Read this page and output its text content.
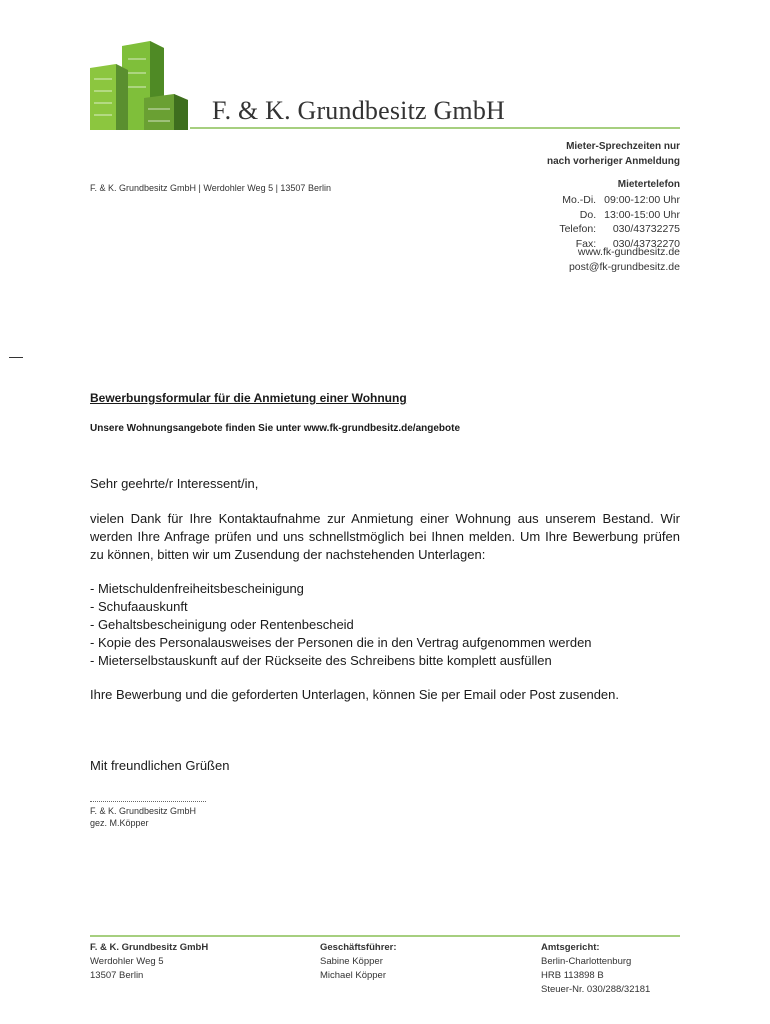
F. & K. Grundbesitz GmbH
Mieter-Sprechzeiten nur
nach vorheriger Anmeldung
F. & K. Grundbesitz GmbH | Werdohler Weg 5 | 13507 Berlin	Mietertelefon
Mo.-Di.	09:00-12:00 Uhr
Do.	13:00-15:00 Uhr
Telefon:	030/43732275
Fax:	030/43732270
www.fk-gundbesitz.de
post@fk-grundbesitz.de
Bewerbungsformular für die Anmietung einer Wohnung
Unsere Wohnungsangebote finden Sie unter www.fk-grundbesitz.de/angebote
Sehr geehrte/r Interessent/in,
vielen Dank für Ihre Kontaktaufnahme zur Anmietung einer Wohnung aus unserem Bestand. Wir werden Ihre Anfrage prüfen und uns schnellstmöglich bei Ihnen melden. Um Ihre Bewerbung prüfen zu können, bitten wir um Zusendung der nachstehenden Unterlagen:
- Mietschuldenfreiheitsbescheinigung
- Schufaauskunft
- Gehaltsbescheinigung oder Rentenbescheid
- Kopie des Personalausweises der Personen die in den Vertrag aufgenommen werden
- Mieterselbstauskunft auf der Rückseite des Schreibens bitte komplett ausfüllen
Ihre Bewerbung und die geforderten Unterlagen, können Sie per Email oder Post zusenden.
Mit freundlichen Grüßen
F. & K. Grundbesitz GmbH
gez. M.Köpper
F. & K. Grundbesitz GmbH
Werdohler Weg 5
13507 Berlin
Geschäftsführer:
Sabine Köpper
Michael Köpper
Amtsgericht:
Berlin-Charlottenburg
HRB 113898 B
Steuer-Nr. 030/288/32181
